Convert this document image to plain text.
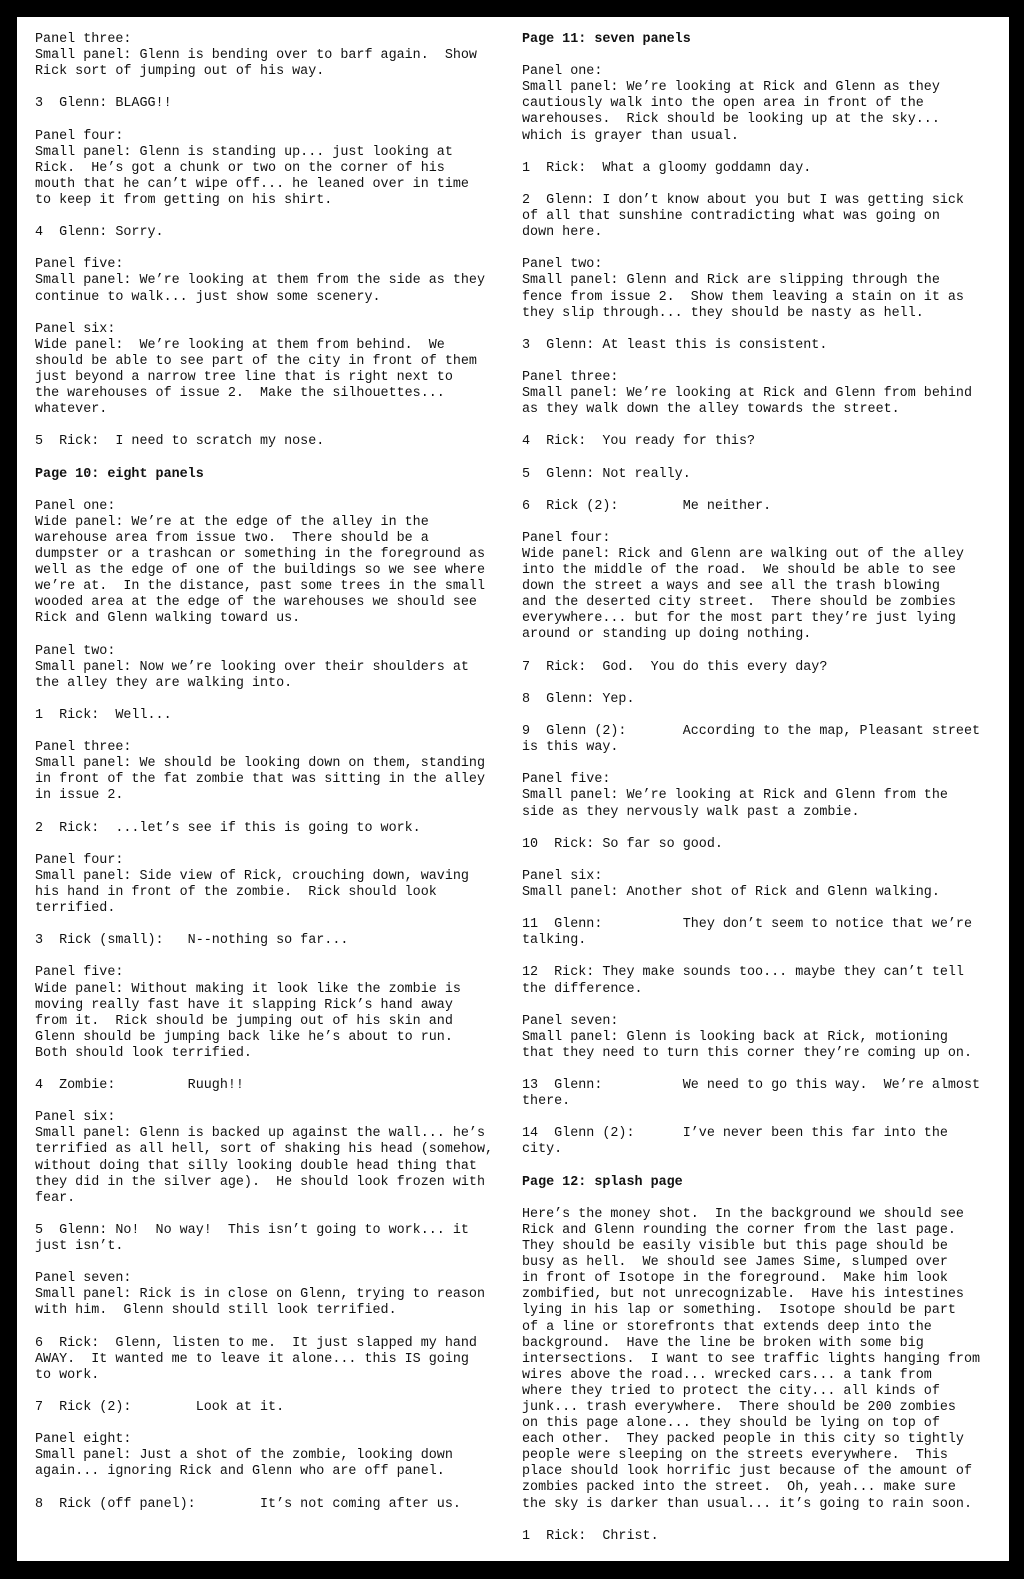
Panel three:
Small panel: Glenn is bending over to barf again.  Show
Rick sort of jumping out of his way.
3  Glenn: BLAGG!!
Panel four:
Small panel: Glenn is standing up... just looking at
Rick.  He’s got a chunk or two on the corner of his
mouth that he can’t wipe off... he leaned over in time
to keep it from getting on his shirt.
4  Glenn: Sorry.
Panel five:
Small panel: We’re looking at them from the side as they
continue to walk... just show some scenery.
Panel six:
Wide panel:  We’re looking at them from behind.  We
should be able to see part of the city in front of them
just beyond a narrow tree line that is right next to
the warehouses of issue 2.  Make the silhouettes...
whatever.
5  Rick:  I need to scratch my nose.
Page 10: eight panels
Panel one:
Wide panel: We’re at the edge of the alley in the
warehouse area from issue two.  There should be a
dumpster or a trashcan or something in the foreground as
well as the edge of one of the buildings so we see where
we’re at.  In the distance, past some trees in the small
wooded area at the edge of the warehouses we should see
Rick and Glenn walking toward us.
Panel two:
Small panel: Now we’re looking over their shoulders at
the alley they are walking into.
1  Rick:  Well...
Panel three:
Small panel: We should be looking down on them, standing
in front of the fat zombie that was sitting in the alley
in issue 2.
2  Rick:  ...let’s see if this is going to work.
Panel four:
Small panel: Side view of Rick, crouching down, waving
his hand in front of the zombie.  Rick should look
terrified.
3  Rick (small):   N--nothing so far...
Panel five:
Wide panel: Without making it look like the zombie is
moving really fast have it slapping Rick’s hand away
from it.  Rick should be jumping out of his skin and
Glenn should be jumping back like he’s about to run.
Both should look terrified.
4  Zombie:         Ruugh!!
Panel six:
Small panel: Glenn is backed up against the wall... he’s
terrified as all hell, sort of shaking his head (somehow,
without doing that silly looking double head thing that
they did in the silver age).  He should look frozen with
fear.
5  Glenn: No!  No way!  This isn’t going to work... it
just isn’t.
Panel seven:
Small panel: Rick is in close on Glenn, trying to reason
with him.  Glenn should still look terrified.
6  Rick:  Glenn, listen to me.  It just slapped my hand
AWAY.  It wanted me to leave it alone... this IS going
to work.
7  Rick (2):        Look at it.
Panel eight:
Small panel: Just a shot of the zombie, looking down
again... ignoring Rick and Glenn who are off panel.
8  Rick (off panel):        It’s not coming after us.
Page 11: seven panels
Panel one:
Small panel: We’re looking at Rick and Glenn as they
cautiously walk into the open area in front of the
warehouses.  Rick should be looking up at the sky...
which is grayer than usual.
1  Rick:  What a gloomy goddamn day.
2  Glenn: I don’t know about you but I was getting sick
of all that sunshine contradicting what was going on
down here.
Panel two:
Small panel: Glenn and Rick are slipping through the
fence from issue 2.  Show them leaving a stain on it as
they slip through... they should be nasty as hell.
3  Glenn: At least this is consistent.
Panel three:
Small panel: We’re looking at Rick and Glenn from behind
as they walk down the alley towards the street.
4  Rick:  You ready for this?
5  Glenn: Not really.
6  Rick (2):        Me neither.
Panel four:
Wide panel: Rick and Glenn are walking out of the alley
into the middle of the road.  We should be able to see
down the street a ways and see all the trash blowing
and the deserted city street.  There should be zombies
everywhere... but for the most part they’re just lying
around or standing up doing nothing.
7  Rick:  God.  You do this every day?
8  Glenn: Yep.
9  Glenn (2):       According to the map, Pleasant street
is this way.
Panel five:
Small panel: We’re looking at Rick and Glenn from the
side as they nervously walk past a zombie.
10  Rick: So far so good.
Panel six:
Small panel: Another shot of Rick and Glenn walking.
11  Glenn:          They don’t seem to notice that we’re
talking.
12  Rick: They make sounds too... maybe they can’t tell
the difference.
Panel seven:
Small panel: Glenn is looking back at Rick, motioning
that they need to turn this corner they’re coming up on.
13  Glenn:          We need to go this way.  We’re almost
there.
14  Glenn (2):      I’ve never been this far into the
city.
Page 12: splash page
Here’s the money shot.  In the background we should see
Rick and Glenn rounding the corner from the last page.
They should be easily visible but this page should be
busy as hell.  We should see James Sime, slumped over
in front of Isotope in the foreground.  Make him look
zombified, but not unrecognizable.  Have his intestines
lying in his lap or something.  Isotope should be part
of a line or storefronts that extends deep into the
background.  Have the line be broken with some big
intersections.  I want to see traffic lights hanging from
wires above the road... wrecked cars... a tank from
where they tried to protect the city... all kinds of
junk... trash everywhere.  There should be 200 zombies
on this page alone... they should be lying on top of
each other.  They packed people in this city so tightly
people were sleeping on the streets everywhere.  This
place should look horrific just because of the amount of
zombies packed into the street.  Oh, yeah... make sure
the sky is darker than usual... it’s going to rain soon.
1  Rick:  Christ.
